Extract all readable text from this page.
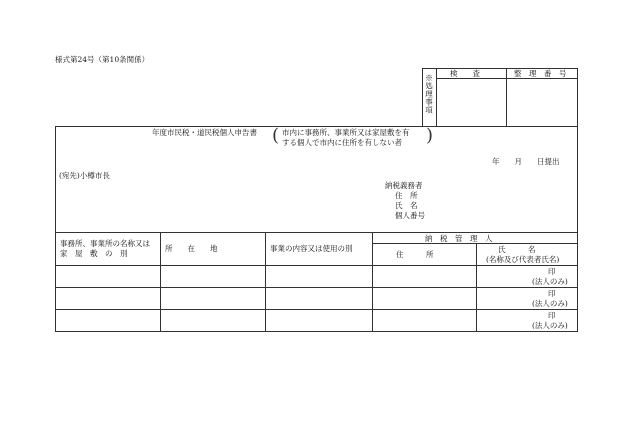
様式第24号（第10条関係）
※処理事項
検　　査	整　理　番　号
年度市民税・道民税個人申告書 ( 市内に事務所、事業所又は家屋敷を有
する個人で市内に住所を有しない者 )
年　　月　　日提出
(宛先)小樽市長
納税義務者
住　所
氏　名
個人番号
事務所、事業所の名称又は
家　屋　敷　の　別
所　　在　　地	事業の内容又は使用の別
納　税　管　理　人
住　　　所
氏　　　名
(名称及び代表者氏名)
印
(法人のみ)
印
(法人のみ)
印
(法人のみ)
